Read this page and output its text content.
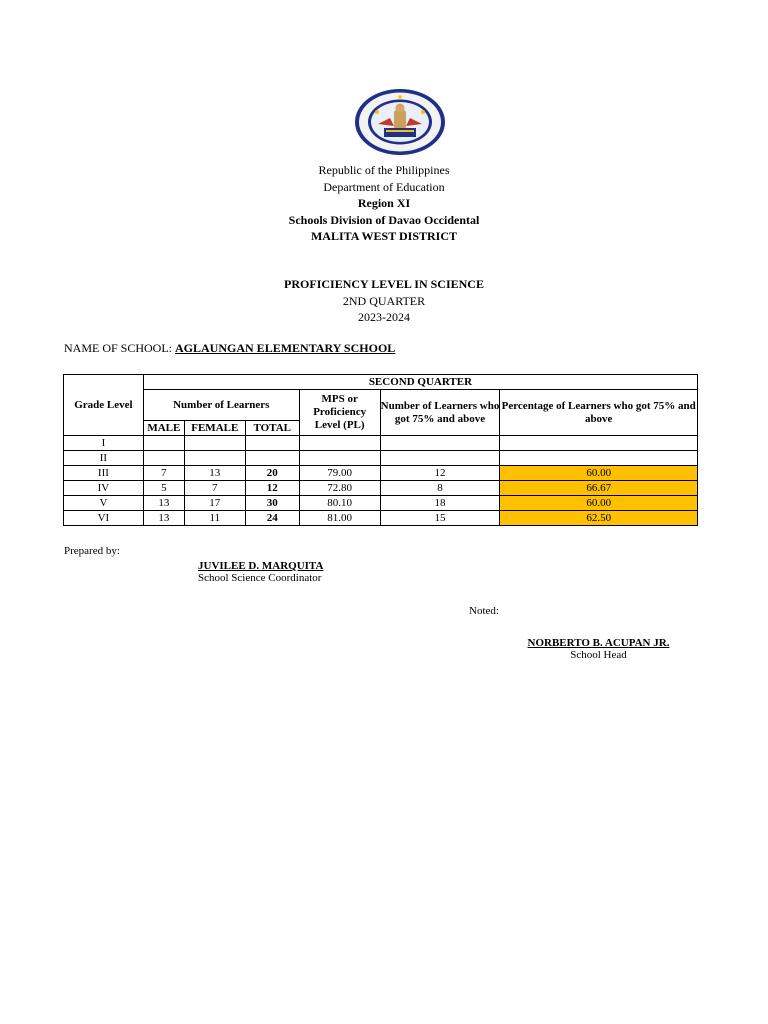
Republic of the Philippines
Department of Education
Region XI
Schools Division of Davao Occidental
MALITA WEST DISTRICT
PROFICIENCY LEVEL IN SCIENCE
2ND QUARTER
2023-2024
NAME OF SCHOOL: AGLAUNGAN ELEMENTARY SCHOOL
Grade Level	SECOND QUARTER					
	Number of Learners			MPS or Proficiency Level (PL)	Number of Learners who got 75% and above	Percentage of Learners who got 75% and above
	MALE	FEMALE	TOTAL			
I						
II						
III	7	13	20	79.00	12	60.00
IV	5	7	12	72.80	8	66.67
V	13	17	30	80.10	18	60.00
VI	13	11	24	81.00	15	62.50
Prepared by:
JUVILEE D. MARQUITA
School Science Coordinator
Noted:
NORBERTO B. ACUPAN JR.
School Head
